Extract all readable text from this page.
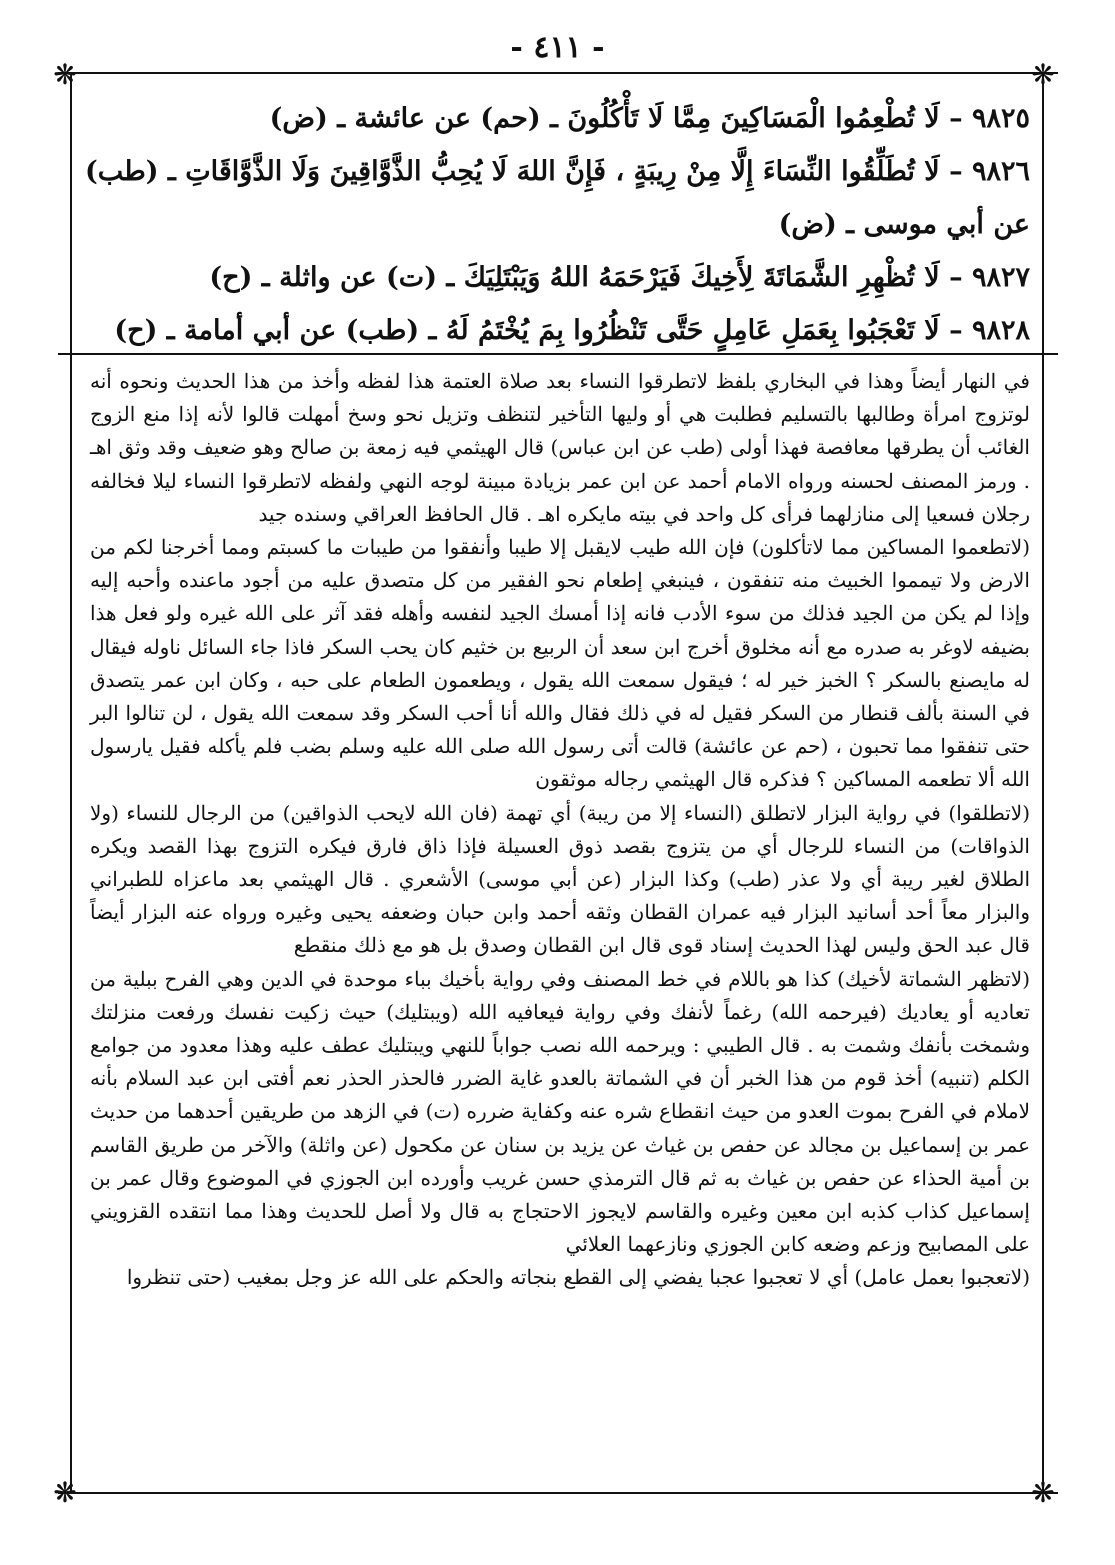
- ٤١١ -
❋	❋
❋	❋

٩٨٢٥ – لَا تُطْعِمُوا الْمَسَاكِينَ مِمَّا لَا تَأْكُلُونَ ـ (حم) عن عائشة ـ (ض)

٩٨٢٦ – لَا تُطَلِّقُوا النِّسَاءَ إِلَّا مِنْ رِيبَةٍ ، فَإِنَّ اللهَ لَا يُحِبُّ الذَّوَّاقِينَ وَلَا الذَّوَّاقَاتِ ـ (طب) عن أبي موسى ـ (ض)

٩٨٢٧ – لَا تُظْهِرِ الشَّمَاتَةَ لِأَخِيكَ فَيَرْحَمَهُ اللهُ وَيَبْتَلِيَكَ ـ (ت) عن واثلة ـ (ح)

٩٨٢٨ – لَا تَعْجَبُوا بِعَمَلِ عَامِلٍ حَتَّى تَنْظُرُوا بِمَ يُخْتَمُ لَهُ ـ (طب) عن أبي أمامة ـ (ح)

في النهار أيضاً وهذا في البخاري بلفظ لاتطرقوا النساء بعد صلاة العتمة هذا لفظه وأخذ من هذا الحديث ونحوه أنه لوتزوج امرأة وطالبها بالتسليم فطلبت هي أو وليها التأخير لتنظف وتزيل نحو وسخ أمهلت قالوا لأنه إذا منع الزوج الغائب أن يطرقها معافصة فهذا أولى (طب عن ابن عباس) قال الهيثمي فيه زمعة بن صالح وهو ضعيف وقد وثق اهـ . ورمز المصنف لحسنه ورواه الامام أحمد عن ابن عمر بزيادة مبينة لوجه النهي ولفظه لاتطرقوا النساء ليلا فخالفه رجلان فسعيا إلى منازلهما فرأى كل واحد في بيته مايكره اهـ . قال الحافظ العراقي وسنده جيد

(لاتطعموا المساكين مما لاتأكلون) فإن الله طيب لايقبل إلا طيبا وأنفقوا من طيبات ما كسبتم ومما أخرجنا لكم من الارض ولا تيمموا الخبيث منه تنفقون ، فينبغي إطعام نحو الفقير من كل متصدق عليه من أجود ماعنده وأحبه إليه وإذا لم يكن من الجيد فذلك من سوء الأدب فانه إذا أمسك الجيد لنفسه وأهله فقد آثر على الله غيره ولو فعل هذا بضيفه لاوغر به صدره مع أنه مخلوق أخرج ابن سعد أن الربيع بن خثيم كان يحب السكر فاذا جاء السائل ناوله فيقال له مايصنع بالسكر ؟ الخبز خير له ؛ فيقول سمعت الله يقول ، ويطعمون الطعام على حبه ، وكان ابن عمر يتصدق في السنة بألف قنطار من السكر فقيل له في ذلك فقال والله أنا أحب السكر وقد سمعت الله يقول ، لن تنالوا البر حتى تنفقوا مما تحبون ، (حم عن عائشة) قالت أتى رسول الله صلى الله عليه وسلم بضب فلم يأكله فقيل يارسول الله ألا تطعمه المساكين ؟ فذكره قال الهيثمي رجاله موثقون

(لاتطلقوا) في رواية البزار لاتطلق (النساء إلا من ريبة) أي تهمة (فان الله لايحب الذواقين) من الرجال للنساء (ولا الذواقات) من النساء للرجال أي من يتزوج بقصد ذوق العسيلة فإذا ذاق فارق فيكره التزوج بهذا القصد ويكره الطلاق لغير ريبة أي ولا عذر (طب) وكذا البزار (عن أبي موسى) الأشعري . قال الهيثمي بعد ماعزاه للطبراني والبزار معاً أحد أسانيد البزار فيه عمران القطان وثقه أحمد وابن حبان وضعفه يحيى وغيره ورواه عنه البزار أيضاً قال عبد الحق وليس لهذا الحديث إسناد قوى قال ابن القطان وصدق بل هو مع ذلك منقطع

(لاتظهر الشماتة لأخيك) كذا هو باللام في خط المصنف وفي رواية بأخيك بباء موحدة في الدين وهي الفرح ببلية من تعاديه أو يعاديك (فيرحمه الله) رغماً لأنفك وفي رواية فيعافيه الله (ويبتليك) حيث زكيت نفسك ورفعت منزلتك وشمخت بأنفك وشمت به . قال الطيبي : ويرحمه الله نصب جواباً للنهي ويبتليك عطف عليه وهذا معدود من جوامع الكلم (تنبيه) أخذ قوم من هذا الخبر أن في الشماتة بالعدو غاية الضرر فالحذر الحذر نعم أفتى ابن عبد السلام بأنه لاملام في الفرح بموت العدو من حيث انقطاع شره عنه وكفاية ضرره (ت) في الزهد من طريقين أحدهما من حديث عمر بن إسماعيل بن مجالد عن حفص بن غياث عن يزيد بن سنان عن مكحول (عن واثلة) والآخر من طريق القاسم بن أمية الحذاء عن حفص بن غياث به ثم قال الترمذي حسن غريب وأورده ابن الجوزي في الموضوع وقال عمر بن إسماعيل كذاب كذبه ابن معين وغيره والقاسم لايجوز الاحتجاج به قال ولا أصل للحديث وهذا مما انتقده القزويني على المصابيح وزعم وضعه كابن الجوزي ونازعهما العلائي

(لاتعجبوا بعمل عامل) أي لا تعجبوا عجبا يفضي إلى القطع بنجاته والحكم على الله عز وجل بمغيب (حتى تنظروا
